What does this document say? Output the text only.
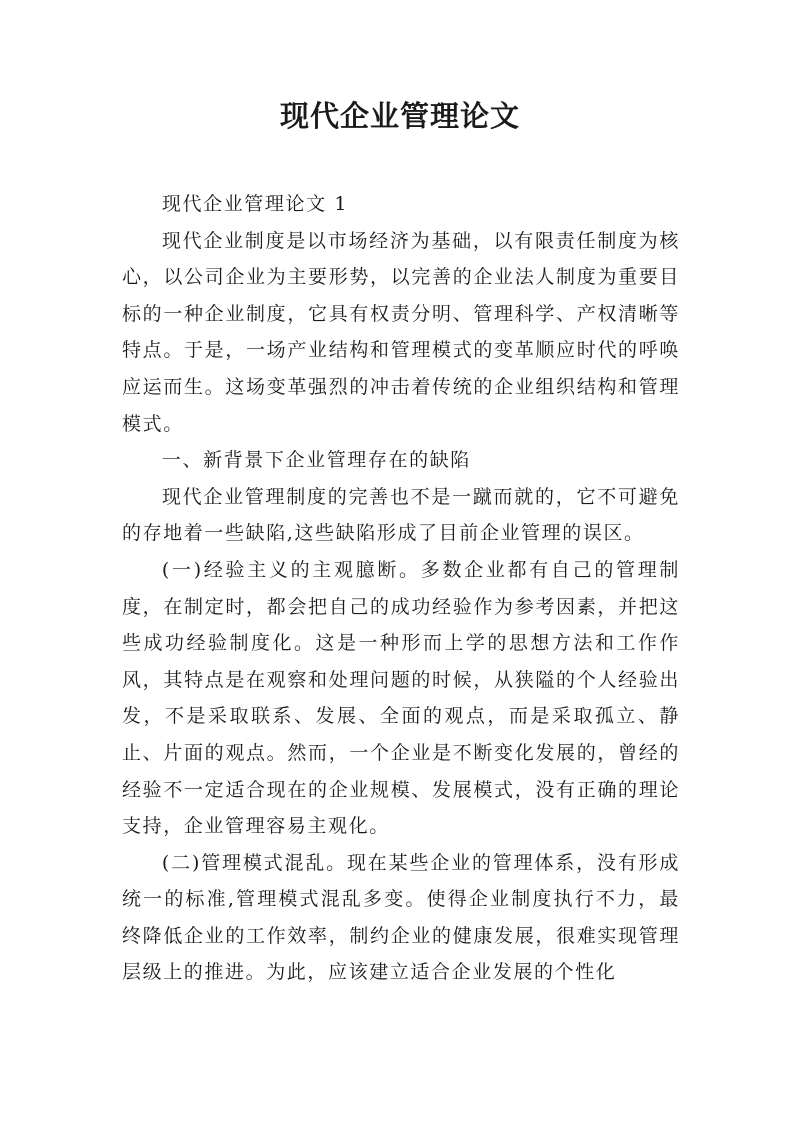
现代企业管理论文

现代企业管理论文 1

现代企业制度是以市场经济为基础，以有限责任制度为核心，以公司企业为主要形势，以完善的企业法人制度为重要目标的一种企业制度，它具有权责分明、管理科学、产权清晰等特点。于是，一场产业结构和管理模式的变革顺应时代的呼唤应运而生。这场变革强烈的冲击着传统的企业组织结构和管理模式。

一、新背景下企业管理存在的缺陷

现代企业管理制度的完善也不是一蹴而就的，它不可避免的存地着一些缺陷,这些缺陷形成了目前企业管理的误区。

(一)经验主义的主观臆断。多数企业都有自己的管理制度，在制定时，都会把自己的成功经验作为参考因素，并把这些成功经验制度化。这是一种形而上学的思想方法和工作作风，其特点是在观察和处理问题的时候，从狭隘的个人经验出发，不是采取联系、发展、全面的观点，而是采取孤立、静止、片面的观点。然而，一个企业是不断变化发展的，曾经的经验不一定适合现在的企业规模、发展模式，没有正确的理论支持，企业管理容易主观化。

(二)管理模式混乱。现在某些企业的管理体系，没有形成统一的标准,管理模式混乱多变。使得企业制度执行不力，最终降低企业的工作效率，制约企业的健康发展，很难实现管理层级上的推进。为此，应该建立适合企业发展的个性化
